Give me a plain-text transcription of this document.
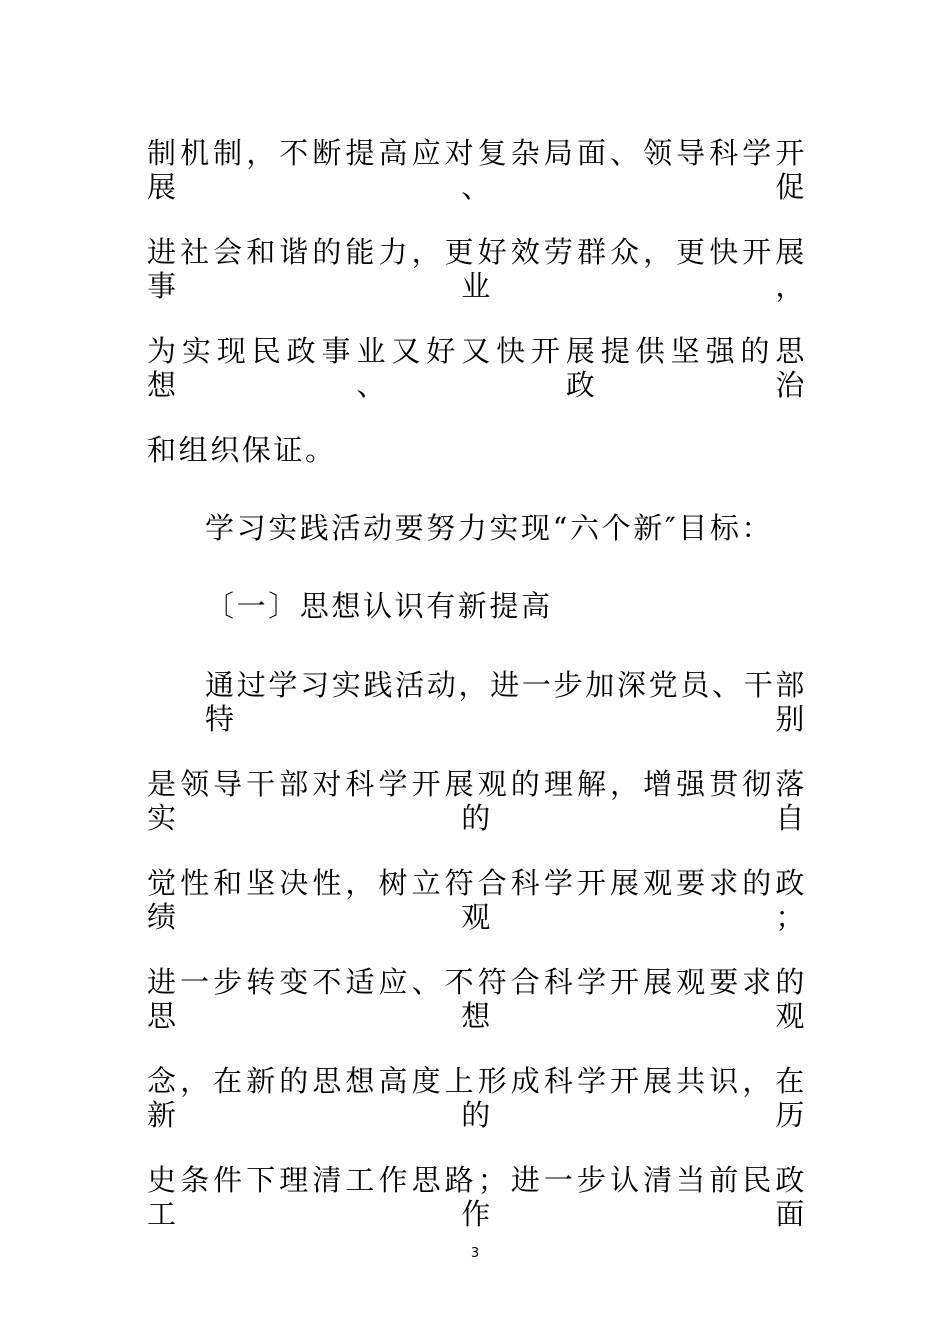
制机制，不断提高应对复杂局面、领导科学开展、促
进社会和谐的能力，更好效劳群众，更快开展事业，
为实现民政事业又好又快开展提供坚强的思想、政治
和组织保证。
学习实践活动要努力实现“六个新″目标：
〔一〕思想认识有新提高
通过学习实践活动，进一步加深党员、干部特别
是领导干部对科学开展观的理解，增强贯彻落实的自
觉性和坚决性，树立符合科学开展观要求的政绩观；
进一步转变不适应、不符合科学开展观要求的思想观
念，在新的思想高度上形成科学开展共识，在新的历
史条件下理清工作思路；进一步认清当前民政工作面
3
